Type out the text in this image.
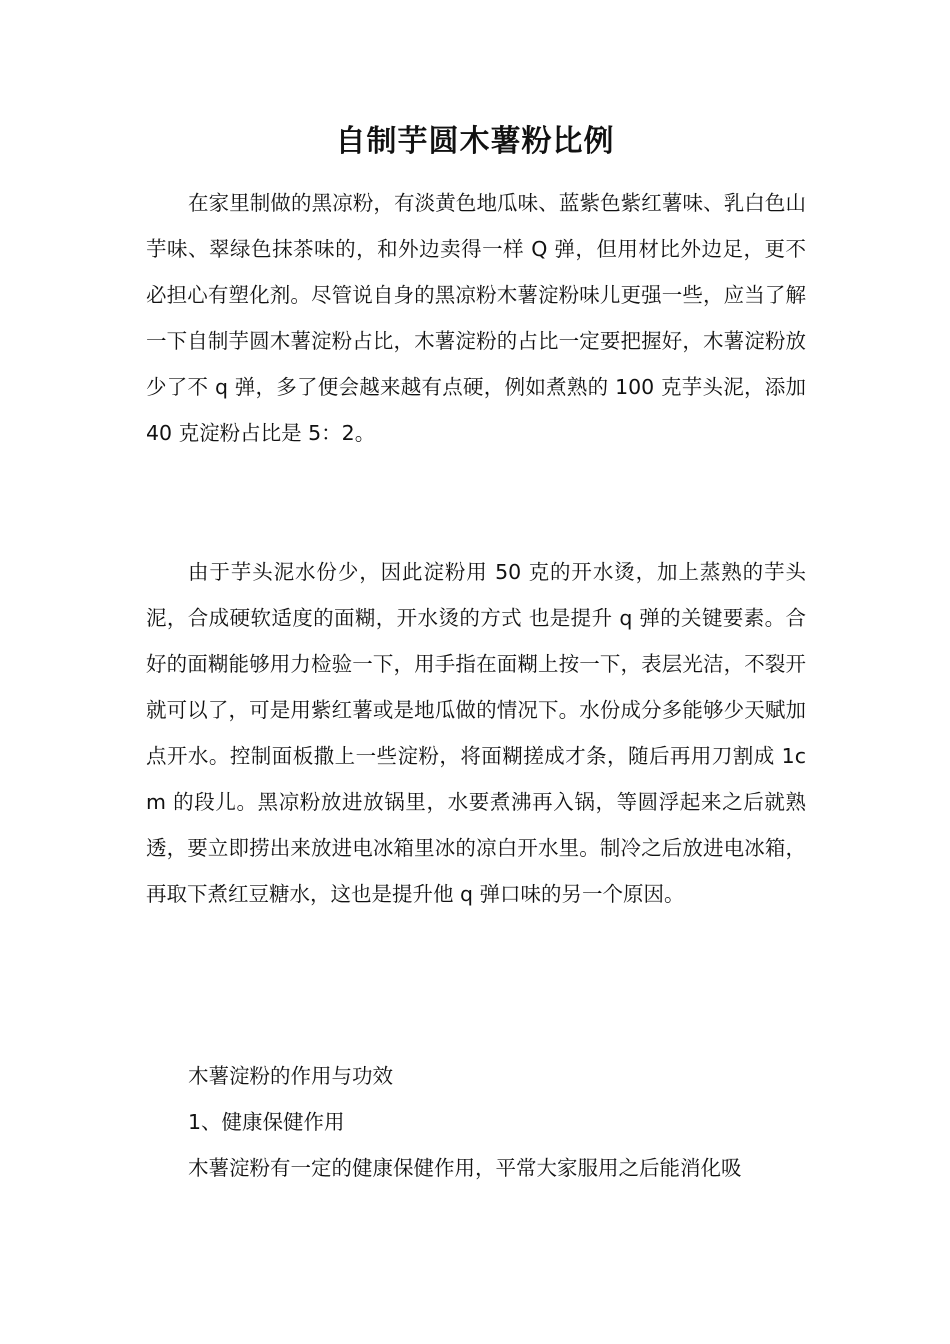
自制芋圆木薯粉比例

在家里制做的黑凉粉，有淡黄色地瓜味、蓝紫色紫红薯味、乳白色山芋味、翠绿色抹茶味的，和外边卖得一样 Q 弹，但用材比外边足，更不必担心有塑化剂。尽管说自身的黑凉粉木薯淀粉味儿更强一些，应当了解一下自制芋圆木薯淀粉占比，木薯淀粉的占比一定要把握好，木薯淀粉放少了不 q 弹，多了便会越来越有点硬，例如煮熟的 100 克芋头泥，添加 40 克淀粉占比是 5：2。

由于芋头泥水份少，因此淀粉用 50 克的开水烫，加上蒸熟的芋头泥，合成硬软适度的面糊，开水烫的方式 也是提升 q 弹的关键要素。合好的面糊能够用力检验一下，用手指在面糊上按一下，表层光洁，不裂开就可以了，可是用紫红薯或是地瓜做的情况下。水份成分多能够少天赋加点开水。控制面板撒上一些淀粉，将面糊搓成才条，随后再用刀割成 1cm 的段儿。黑凉粉放进放锅里，水要煮沸再入锅，等圆浮起来之后就熟透，要立即捞出来放进电冰箱里冰的凉白开水里。制冷之后放进电冰箱，再取下煮红豆糖水，这也是提升他 q 弹口味的另一个原因。

木薯淀粉的作用与功效

1、健康保健作用

木薯淀粉有一定的健康保健作用，平常大家服用之后能消化吸
